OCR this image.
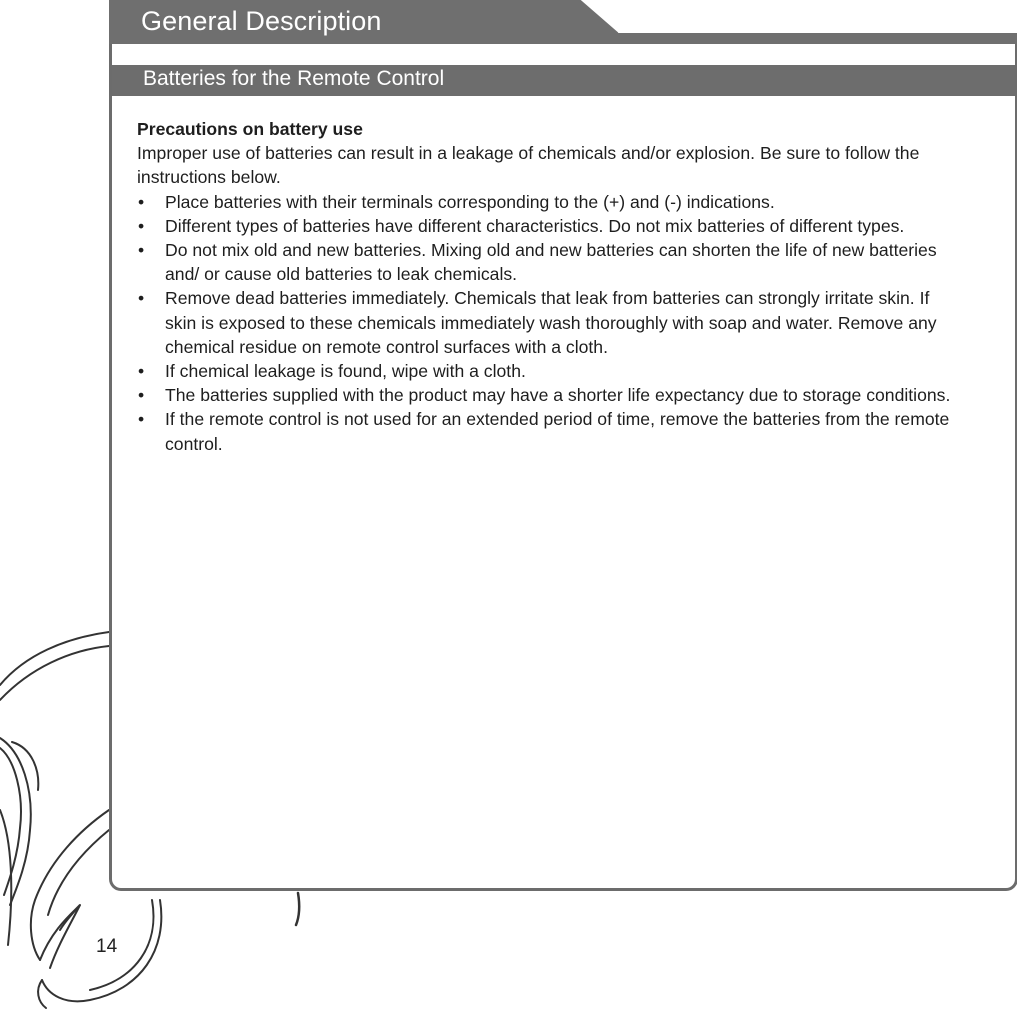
General Description
Batteries for the Remote Control
Precautions on battery use

Improper use of batteries can result in a leakage of chemicals and/or explosion. Be sure to follow the instructions below.

• Place batteries with their terminals corresponding to the (+) and (-) indications.
• Different types of batteries have different characteristics. Do not mix batteries of different types.
• Do not mix old and new batteries. Mixing old and new batteries can shorten the life of new batteries and/ or cause old batteries to leak chemicals.
• Remove dead batteries immediately. Chemicals that leak from batteries can strongly irritate skin. If skin is exposed to these chemicals immediately wash thoroughly with soap and water. Remove any chemical residue on remote control surfaces with a cloth.
• If chemical leakage is found, wipe with a cloth.
• The batteries supplied with the product may have a shorter life expectancy due to storage conditions.
• If the remote control is not used for an extended period of time, remove the batteries from the remote control.
14
